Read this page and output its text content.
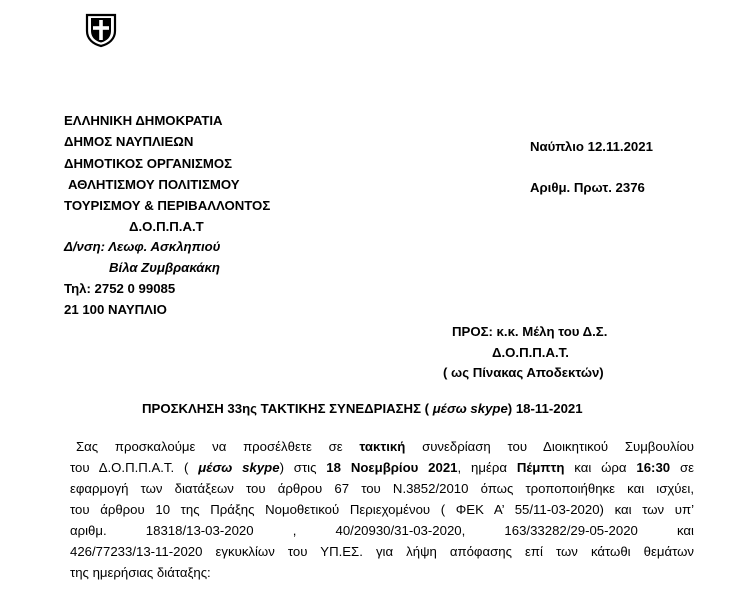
ΕΛΛΗΝΙΚΗ ΔΗΜΟΚΡΑΤΙΑ
ΔΗΜΟΣ ΝΑΥΠΛΙΕΩΝ
ΔΗΜΟΤΙΚΟΣ ΟΡΓΑΝΙΣΜΟΣ
ΑΘΛΗΤΙΣΜΟΥ ΠΟΛΙΤΙΣΜΟΥ
ΤΟΥΡΙΣΜΟΥ & ΠΕΡΙΒΑΛΛΟΝΤΟΣ
Δ.Ο.Π.Π.Α.Τ
Δ/νση: Λεωφ. Ασκληπιού
Βίλα Ζυμβρακάκη
Τηλ: 2752 0 99085
21 100 ΝΑΥΠΛΙΟ
Ναύπλιο 12.11.2021
Αριθμ. Πρωτ. 2376
ΠΡΟΣ: κ.κ. Μέλη του Δ.Σ.
Δ.Ο.Π.Π.Α.Τ.
( ως Πίνακας Αποδεκτών)
ΠΡΟΣΚΛΗΣΗ 33ης ΤΑΚΤΙΚΗΣ ΣΥΝΕΔΡΙΑΣΗΣ ( μέσω skype) 18-11-2021
Σας προσκαλούμε να προσέλθετε σε τακτική συνεδρίαση του Διοικητικού Συμβουλίου
του Δ.Ο.Π.Π.Α.Τ. ( μέσω skype) στις 18 Νοεμβρίου 2021, ημέρα Πέμπτη και ώρα 16:30 σε
εφαρμογή των διατάξεων του άρθρου 67 του Ν.3852/2010 όπως τροποποιήθηκε και ισχύει,
του άρθρου 10 της Πράξης Νομοθετικού Περιεχομένου ( ΦΕΚ Α’ 55/11-03-2020) και των υπ’
αριθμ. 18318/13-03-2020 , 40/20930/31-03-2020, 163/33282/29-05-2020 και
426/77233/13-11-2020 εγκυκλίων του ΥΠ.ΕΣ. για λήψη απόφασης επί των κάτωθι θεμάτων
της ημερήσιας διάταξης:
